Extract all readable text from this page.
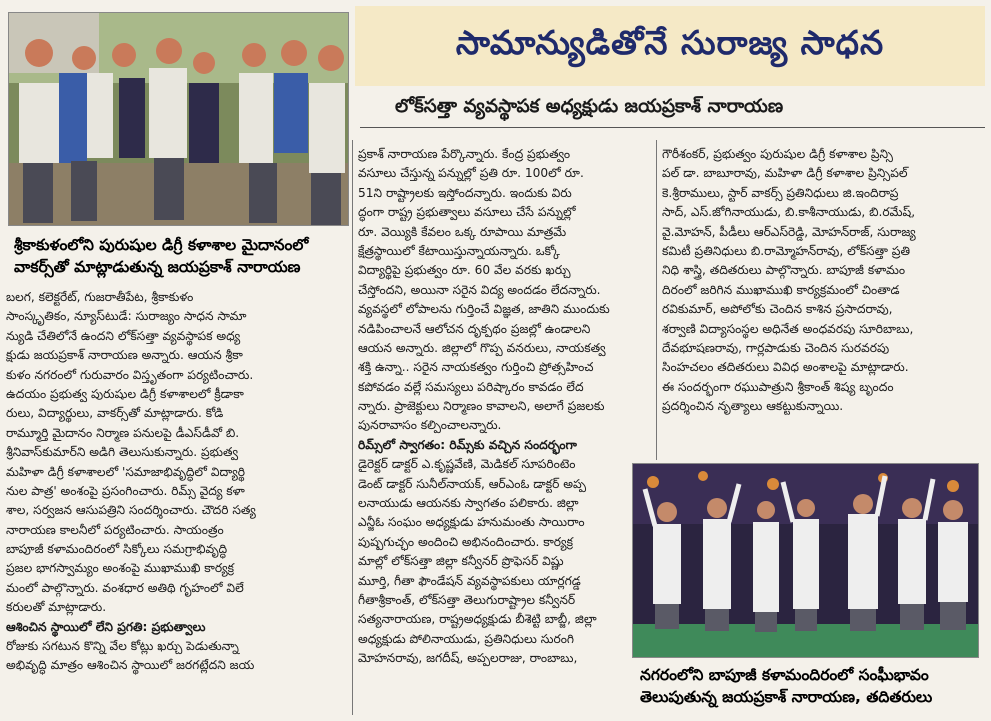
శ్రీకాకుళంలోని పురుషుల డిగ్రీ కళాశాల మైదానంలో
వాకర్స్‌తో మాట్లాడుతున్న జయప్రకాశ్ నారాయణ
సామాన్యుడితోనే సురాజ్య సాధన
లోక్‌సత్తా వ్యవస్థాపక అధ్యక్షుడు జయప్రకాశ్ నారాయణ
బలగ, కలెక్టరేట్, గుజరాతీపేట, శ్రీకాకుళం
సాంస్కృతికం, న్యూస్‌టుడే: సురాజ్యం సాధన సామా
న్యుడి చేతిలోనే ఉందని లోక్‌సత్తా వ్యవస్థాపక అధ్య
క్షుడు జయప్రకాశ్ నారాయణ అన్నారు. ఆయన శ్రీకా
కుళం నగరంలో గురువారం విస్తృతంగా పర్యటించారు.
ఉదయం ప్రభుత్వ పురుషుల డిగ్రీ కళాశాలలో క్రీడాకా
రులు, విద్యార్థులు, వాకర్స్‌తో మాట్లాడారు. కోడి
రామ్మూర్తి మైదానం నిర్మాణ పనులపై డీఎస్‌డీవో బి.
శ్రీనివాస్‌కుమార్‌ని అడిగి తెలుసుకున్నారు. ప్రభుత్వ
మహిళా డిగ్రీ కళాశాలలో 'సమాజాభివృద్ధిలో విద్యార్థి
నుల పాత్ర' అంశంపై ప్రసంగించారు. రిమ్స్ వైద్య కళా
శాల, సర్వజన ఆసుపత్రిని సందర్శించారు. చౌదరి సత్య
నారాయణ కాలనీలో పర్యటించారు. సాయంత్రం
బాపూజీ కళామందిరంలో సిక్కోలు సమగ్రాభివృద్ధి
ప్రజల భాగస్వామ్యం అంశంపై ముఖాముఖి కార్యక్ర
మంలో పాల్గొన్నారు. వంశధార అతిథి గృహంలో విలే
కరులతో మాట్లాడారు.
ఆశించిన స్థాయిలో లేని ప్రగతి: ప్రభుత్వాలు
రోజుకు సగటున కొన్ని వేల కోట్లు ఖర్చు పెడుతున్నా
అభివృద్ధి మాత్రం ఆశించిన స్థాయిలో జరగట్లేదని జయ
ప్రకాశ్ నారాయణ పేర్కొన్నారు. కేంద్ర ప్రభుత్వం
వసూలు చేస్తున్న పన్నుల్లో ప్రతి రూ. 100లో రూ.
51ని రాష్ట్రాలకు ఇస్తోందన్నారు. ఇందుకు విరు
ద్ధంగా రాష్ట్ర ప్రభుత్వాలు వసూలు చేసే పన్నుల్లో
రూ. వెయ్యికి కేవలం ఒక్క రూపాయి మాత్రమే
క్షేత్రస్థాయిలో కేటాయిస్తున్నాయన్నారు. ఒక్కో
విద్యార్థిపై ప్రభుత్వం రూ. 60 వేల వరకు ఖర్చు
చేస్తోందని, అయినా సరైన విద్య అందడం లేదన్నారు.
వ్యవస్థలో లోపాలను గుర్తించే విజ్ఞత, జాతిని ముందుకు
నడిపించాలనే ఆలోచన దృక్పథం ప్రజల్లో ఉండాలని
ఆయన అన్నారు. జిల్లాలో గొప్ప వనరులు, నాయకత్వ
శక్తి ఉన్నా.. సరైన నాయకత్వం గుర్తించి ప్రోత్సహించ
కపోవడం వల్లే సమస్యలు పరిష్కారం కావడం లేద
న్నారు. ప్రాజెక్టులు నిర్మాణం కావాలని, అలాగే ప్రజలకు
పునరావాసం కల్పించాలన్నారు.
రిమ్స్‌లో స్వాగతం: రిమ్స్‌కు వచ్చిన సందర్భంగా
డైరెక్టర్ డాక్టర్ ఎ.కృష్ణవేణి, మెడికల్ సూపరింటెం
డెంట్ డాక్టర్ సునీల్‌నాయక్, ఆర్ఎంఓ డాక్టర్ అప్ప
లనాయుడు ఆయనకు స్వాగతం పలికారు. జిల్లా
ఎన్జీఓ సంఘం అధ్యక్షుడు హనుమంతు సాయిరాం
పుష్పగుచ్ఛం అందించి అభినందించారు. కార్యక్ర
మాల్లో లోక్‌సత్తా జిల్లా కన్వీనర్ ప్రొఫెసర్ విష్ణు
మూర్తి, గీతా ఫౌండేషన్ వ్యవస్థాపకులు యార్లగడ్డ
గీతాశ్రీకాంత్, లోక్‌సత్తా తెలుగురాష్ట్రాల కన్వీనర్
సత్యనారాయణ, రాష్ట్రఅధ్యక్షుడు బీశెట్టి బాబ్జీ, జిల్లా
అధ్యక్షుడు పోలినాయుడు, ప్రతినిధులు సురంగి
మోహనరావు, జగదీష్, అప్పలరాజు, రాంబాబు,
గౌరీశంకర్, ప్రభుత్వం పురుషుల డిగ్రీ కళాశాల ప్రిన్సి
పల్ డా. బాబూరావు, మహిళా డిగ్రీ కళాశాల ప్రిన్సిపల్
కె.శ్రీరాములు, స్టార్ వాకర్స్ ప్రతినిధులు జి.ఇందిరాప్ర
సాద్, ఎస్.జోగినాయుడు, బి.కాశీనాయుడు, బి.రమేష్,
వై.మోహన్, పీడీలు ఆర్ఎస్‌రెడ్డి, మోహన్‌రాజ్, సురాజ్య
కమిటీ ప్రతినిధులు బి.రామ్మోహన్‌రావు, లోక్‌సత్తా ప్రతి
నిధి శాస్త్రి, తదితరులు పాల్గొన్నారు. బాపూజీ కళామం
దిరంలో జరిగిన ముఖాముఖి కార్యక్రమంలో చింతాడ
రవికుమార్, అపోలోకు చెందిన కాశిన ప్రసాదరావు,
శర్వాణి విద్యాసంస్థల అధినేత అంధవరపు సూరిబాబు,
దేవభూషణరావు, గార్లపాడుకు చెందిన సురవరపు
సింహచలం తదితరులు వివిధ అంశాలపై మాట్లాడారు.
ఈ సందర్భంగా రఘుపాత్రుని శ్రీకాంత్ శిష్య బృందం
ప్రదర్శించిన నృత్యాలు ఆకట్టుకున్నాయి.
నగరంలోని బాపూజీ కళామందిరంలో సంఘీభావం
తెలుపుతున్న జయప్రకాశ్ నారాయణ, తదితరులు
